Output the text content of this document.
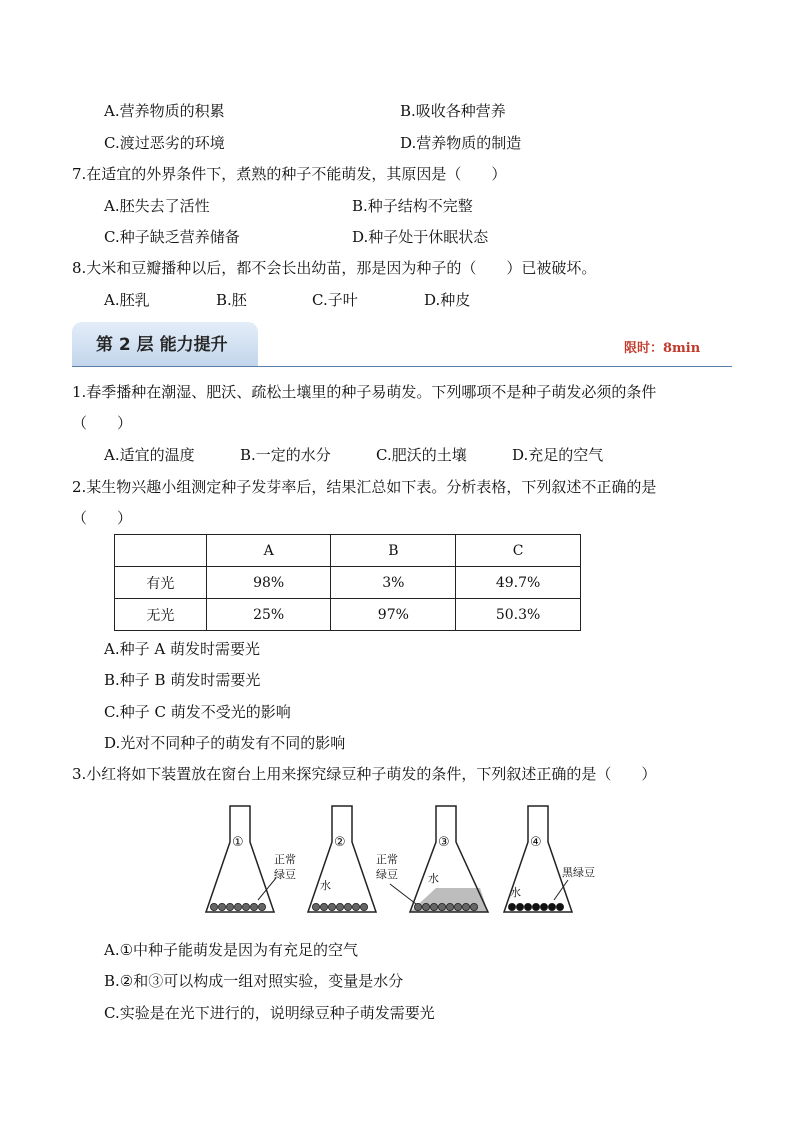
A.营养物质的积累	B.吸收各种营养
C.渡过恶劣的环境	D.营养物质的制造
7.在适宜的外界条件下，煮熟的种子不能萌发，其原因是（　　）
A.胚失去了活性	B.种子结构不完整
C.种子缺乏营养储备	D.种子处于休眠状态
8.大米和豆瓣播种以后，都不会长出幼苗，那是因为种子的（　　）已被破坏。
A.胚乳	B.胚	C.子叶	D.种皮
第 2 层 能力提升	限时：8min
1.春季播种在潮湿、肥沃、疏松土壤里的种子易萌发。下列哪项不是种子萌发必须的条件
（　　）
A.适宜的温度	B.一定的水分	C.肥沃的土壤	D.充足的空气
2.某生物兴趣小组测定种子发芽率后，结果汇总如下表。分析表格，下列叙述不正确的是
（　　）
	A	B	C
有光	98%	3%	49.7%
无光	25%	97%	50.3%
A.种子 A 萌发时需要光
B.种子 B 萌发时需要光
C.种子 C 萌发不受光的影响
D.光对不同种子的萌发有不同的影响
3.小红将如下装置放在窗台上用来探究绿豆种子萌发的条件，下列叙述正确的是（　　）
①
正常
绿豆
②
水
③
水
正常
绿豆
④
水
黑绿豆
A.①中种子能萌发是因为有充足的空气
B.②和③可以构成一组对照实验，变量是水分
C.实验是在光下进行的，说明绿豆种子萌发需要光
